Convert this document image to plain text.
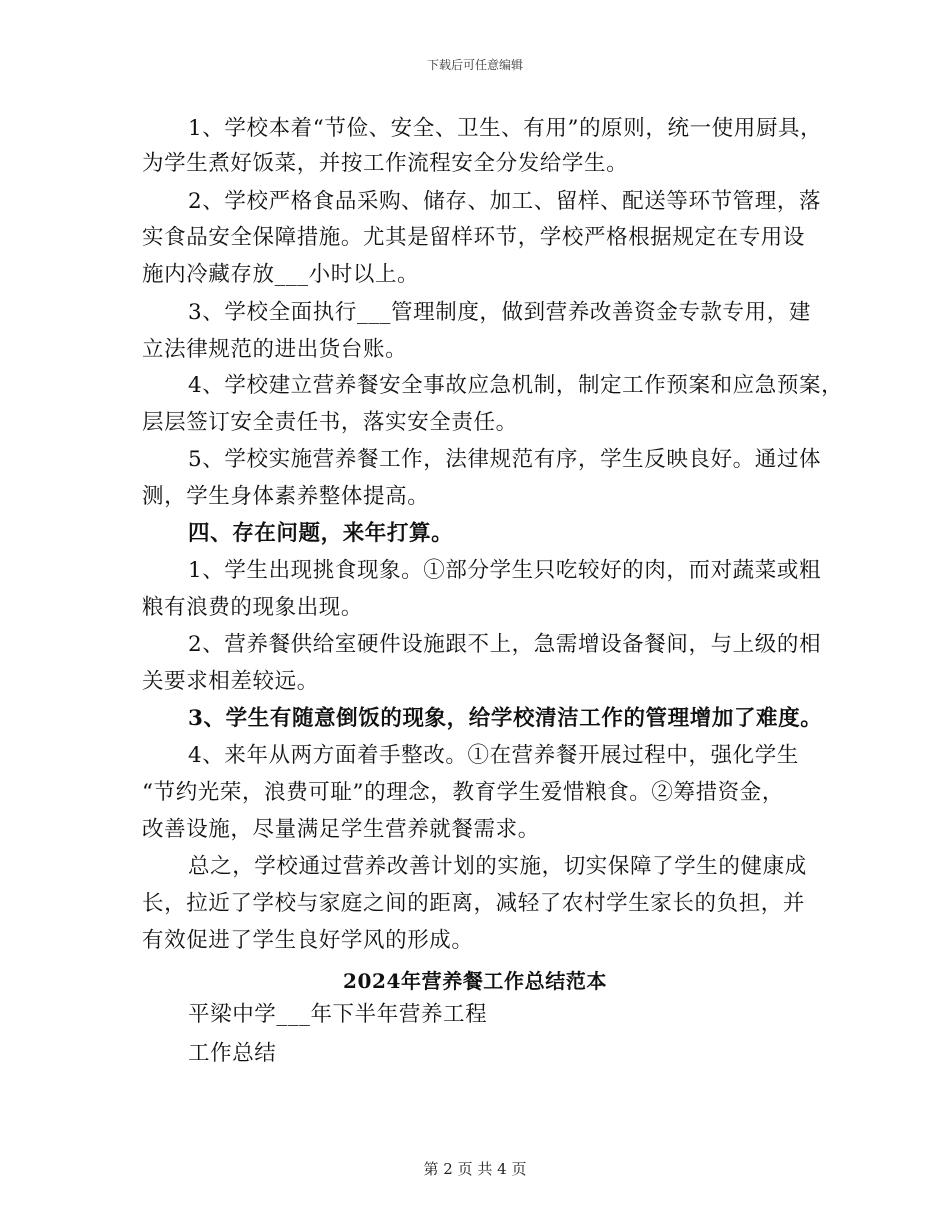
下载后可任意编辑
1、学校本着“节俭、安全、卫生、有用”的原则，统一使用厨具，
为学生煮好饭菜，并按工作流程安全分发给学生。
2、学校严格食品采购、储存、加工、留样、配送等环节管理，落
实食品安全保障措施。尤其是留样环节，学校严格根据规定在专用设
施内冷藏存放___小时以上。
3、学校全面执行___管理制度，做到营养改善资金专款专用，建
立法律规范的进出货台账。
4、学校建立营养餐安全事故应急机制，制定工作预案和应急预案，
层层签订安全责任书，落实安全责任。
5、学校实施营养餐工作，法律规范有序，学生反映良好。通过体
测，学生身体素养整体提高。
四、存在问题，来年打算。
1、学生出现挑食现象。①部分学生只吃较好的肉，而对蔬菜或粗
粮有浪费的现象出现。
2、营养餐供给室硬件设施跟不上，急需增设备餐间，与上级的相
关要求相差较远。
3、学生有随意倒饭的现象，给学校清洁工作的管理增加了难度。
4、来年从两方面着手整改。①在营养餐开展过程中，强化学生
“节约光荣，浪费可耻”的理念，教育学生爱惜粮食。②筹措资金，
改善设施，尽量满足学生营养就餐需求。
总之，学校通过营养改善计划的实施，切实保障了学生的健康成
长，拉近了学校与家庭之间的距离，减轻了农村学生家长的负担，并
有效促进了学生良好学风的形成。
2024年营养餐工作总结范本
平梁中学___年下半年营养工程
工作总结
第 2 页 共 4 页
